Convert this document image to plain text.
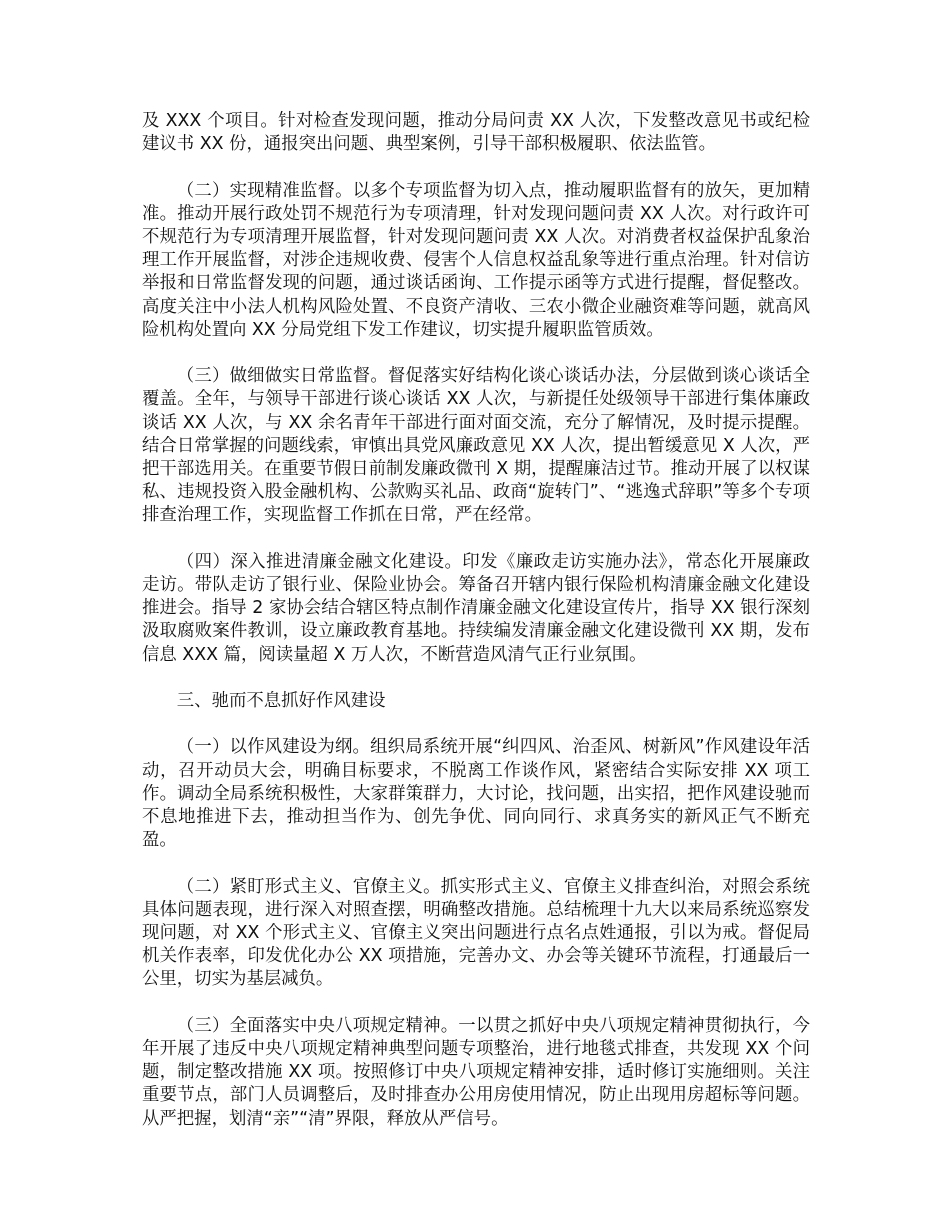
及 XXX 个项目。针对检查发现问题，推动分局问责 XX 人次，下发整改意见书或纪检建议书 XX 份，通报突出问题、典型案例，引导干部积极履职、依法监管。

（二）实现精准监督。以多个专项监督为切入点，推动履职监督有的放矢，更加精准。推动开展行政处罚不规范行为专项清理，针对发现问题问责 XX 人次。对行政许可不规范行为专项清理开展监督，针对发现问题问责 XX 人次。对消费者权益保护乱象治理工作开展监督，对涉企违规收费、侵害个人信息权益乱象等进行重点治理。针对信访举报和日常监督发现的问题，通过谈话函询、工作提示函等方式进行提醒，督促整改。高度关注中小法人机构风险处置、不良资产清收、三农小微企业融资难等问题，就高风险机构处置向 XX 分局党组下发工作建议，切实提升履职监管质效。

（三）做细做实日常监督。督促落实好结构化谈心谈话办法，分层做到谈心谈话全覆盖。全年，与领导干部进行谈心谈话 XX 人次，与新提任处级领导干部进行集体廉政谈话 XX 人次，与 XX 余名青年干部进行面对面交流，充分了解情况，及时提示提醒。结合日常掌握的问题线索，审慎出具党风廉政意见 XX 人次，提出暂缓意见 X 人次，严把干部选用关。在重要节假日前制发廉政微刊 X 期，提醒廉洁过节。推动开展了以权谋私、违规投资入股金融机构、公款购买礼品、政商“旋转门”、“逃逸式辞职”等多个专项排查治理工作，实现监督工作抓在日常，严在经常。

（四）深入推进清廉金融文化建设。印发《廉政走访实施办法》，常态化开展廉政走访。带队走访了银行业、保险业协会。筹备召开辖内银行保险机构清廉金融文化建设推进会。指导 2 家协会结合辖区特点制作清廉金融文化建设宣传片，指导 XX 银行深刻汲取腐败案件教训，设立廉政教育基地。持续编发清廉金融文化建设微刊 XX 期，发布信息 XXX 篇，阅读量超 X 万人次，不断营造风清气正行业氛围。

三、驰而不息抓好作风建设

（一）以作风建设为纲。组织局系统开展“纠四风、治歪风、树新风”作风建设年活动，召开动员大会，明确目标要求，不脱离工作谈作风，紧密结合实际安排 XX 项工作。调动全局系统积极性，大家群策群力，大讨论，找问题，出实招，把作风建设驰而不息地推进下去，推动担当作为、创先争优、同向同行、求真务实的新风正气不断充盈。

（二）紧盯形式主义、官僚主义。抓实形式主义、官僚主义排查纠治，对照会系统具体问题表现，进行深入对照查摆，明确整改措施。总结梳理十九大以来局系统巡察发现问题，对 XX 个形式主义、官僚主义突出问题进行点名点姓通报，引以为戒。督促局机关作表率，印发优化办公 XX 项措施，完善办文、办会等关键环节流程，打通最后一公里，切实为基层减负。

（三）全面落实中央八项规定精神。一以贯之抓好中央八项规定精神贯彻执行，今年开展了违反中央八项规定精神典型问题专项整治，进行地毯式排查，共发现 XX 个问题，制定整改措施 XX 项。按照修订中央八项规定精神安排，适时修订实施细则。关注重要节点，部门人员调整后，及时排查办公用房使用情况，防止出现用房超标等问题。从严把握，划清“亲”“清”界限，释放从严信号。
